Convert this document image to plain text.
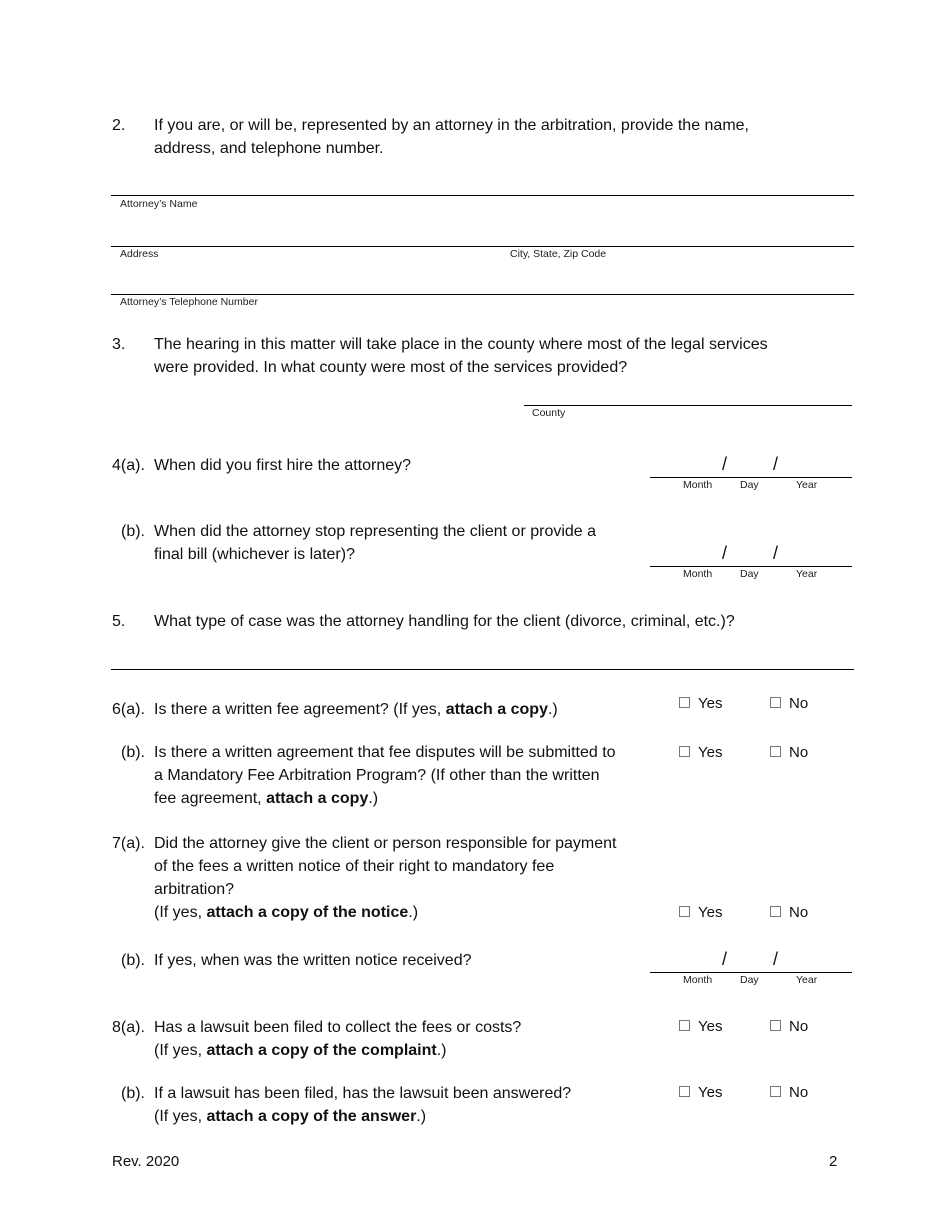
2. If you are, or will be, represented by an attorney in the arbitration, provide the name,
address, and telephone number.
Attorney’s Name
Address	City, State, Zip Code
Attorney’s Telephone Number
3. The hearing in this matter will take place in the county where most of the legal services
were provided. In what county were most of the services provided?
County
4(a). When did you first hire the attorney?	/	/
Month	Day	Year
(b). When did the attorney stop representing the client or provide a
final bill (whichever is later)?	/	/
Month	Day	Year
5. What type of case was the attorney handling for the client (divorce, criminal, etc.)?
6(a). Is there a written fee agreement? (If yes, attach a copy.)	Yes	No
(b). Is there a written agreement that fee disputes will be submitted to
a Mandatory Fee Arbitration Program? (If other than the written
fee agreement, attach a copy.)
Yes	No
7(a). Did the attorney give the client or person responsible for payment
of the fees a written notice of their right to mandatory fee
arbitration?
(If yes, attach a copy of the notice.)	Yes	No
(b). If yes, when was the written notice received?	/	/
Month	Day	Year
8(a). Has a lawsuit been filed to collect the fees or costs?
(If yes, attach a copy of the complaint.)
Yes	No
(b). If a lawsuit has been filed, has the lawsuit been answered?
(If yes, attach a copy of the answer.)
Yes	No
Rev. 2020	2
